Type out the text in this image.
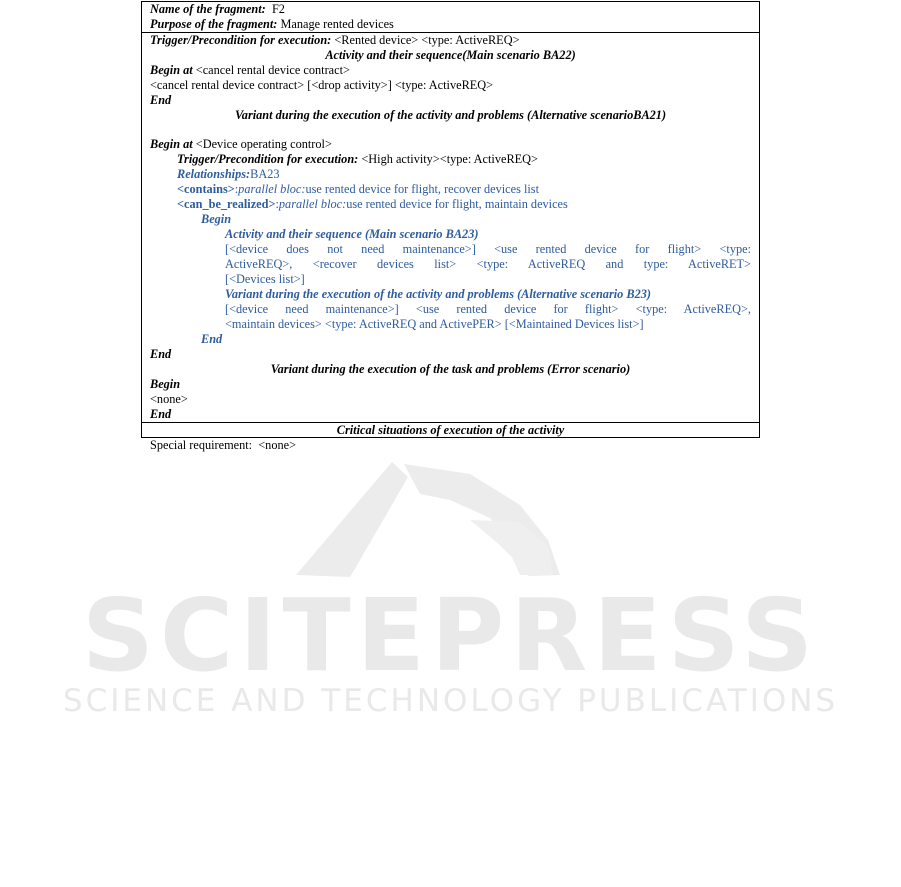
Name of the fragment: F2
Purpose of the fragment: Manage rented devices
Trigger/Precondition for execution: <Rented device> <type: ActiveREQ>
Activity and their sequence(Main scenario BA22)
Begin at <cancel rental device contract>
<cancel rental device contract> [<drop activity>] <type: ActiveREQ>
End
Variant during the execution of the activity and problems (Alternative scenarioBA21)
Begin at <Device operating control>
Trigger/Precondition for execution: <High activity><type: ActiveREQ>
Relationships:BA23
<contains>:parallel bloc:use rented device for flight, recover devices list
<can_be_realized>:parallel bloc:use rented device for flight, maintain devices
Begin
Activity and their sequence (Main scenario BA23)
[<device does not need maintenance>] <use rented device for flight> <type:
ActiveREQ>, <recover devices list> <type: ActiveREQ and type: ActiveRET>
[<Devices list>]
Variant during the execution of the activity and problems (Alternative scenario B23)
[<device need maintenance>] <use rented device for flight> <type: ActiveREQ>,
<maintain devices> <type: ActiveREQ and ActivePER> [<Maintained Devices list>]
End
End
Variant during the execution of the task and problems (Error scenario)
Begin
<none>
End
Critical situations of execution of the activity
Special requirement: <none>
SCITEPRESS
SCIENCE AND TECHNOLOGY PUBLICATIONS
